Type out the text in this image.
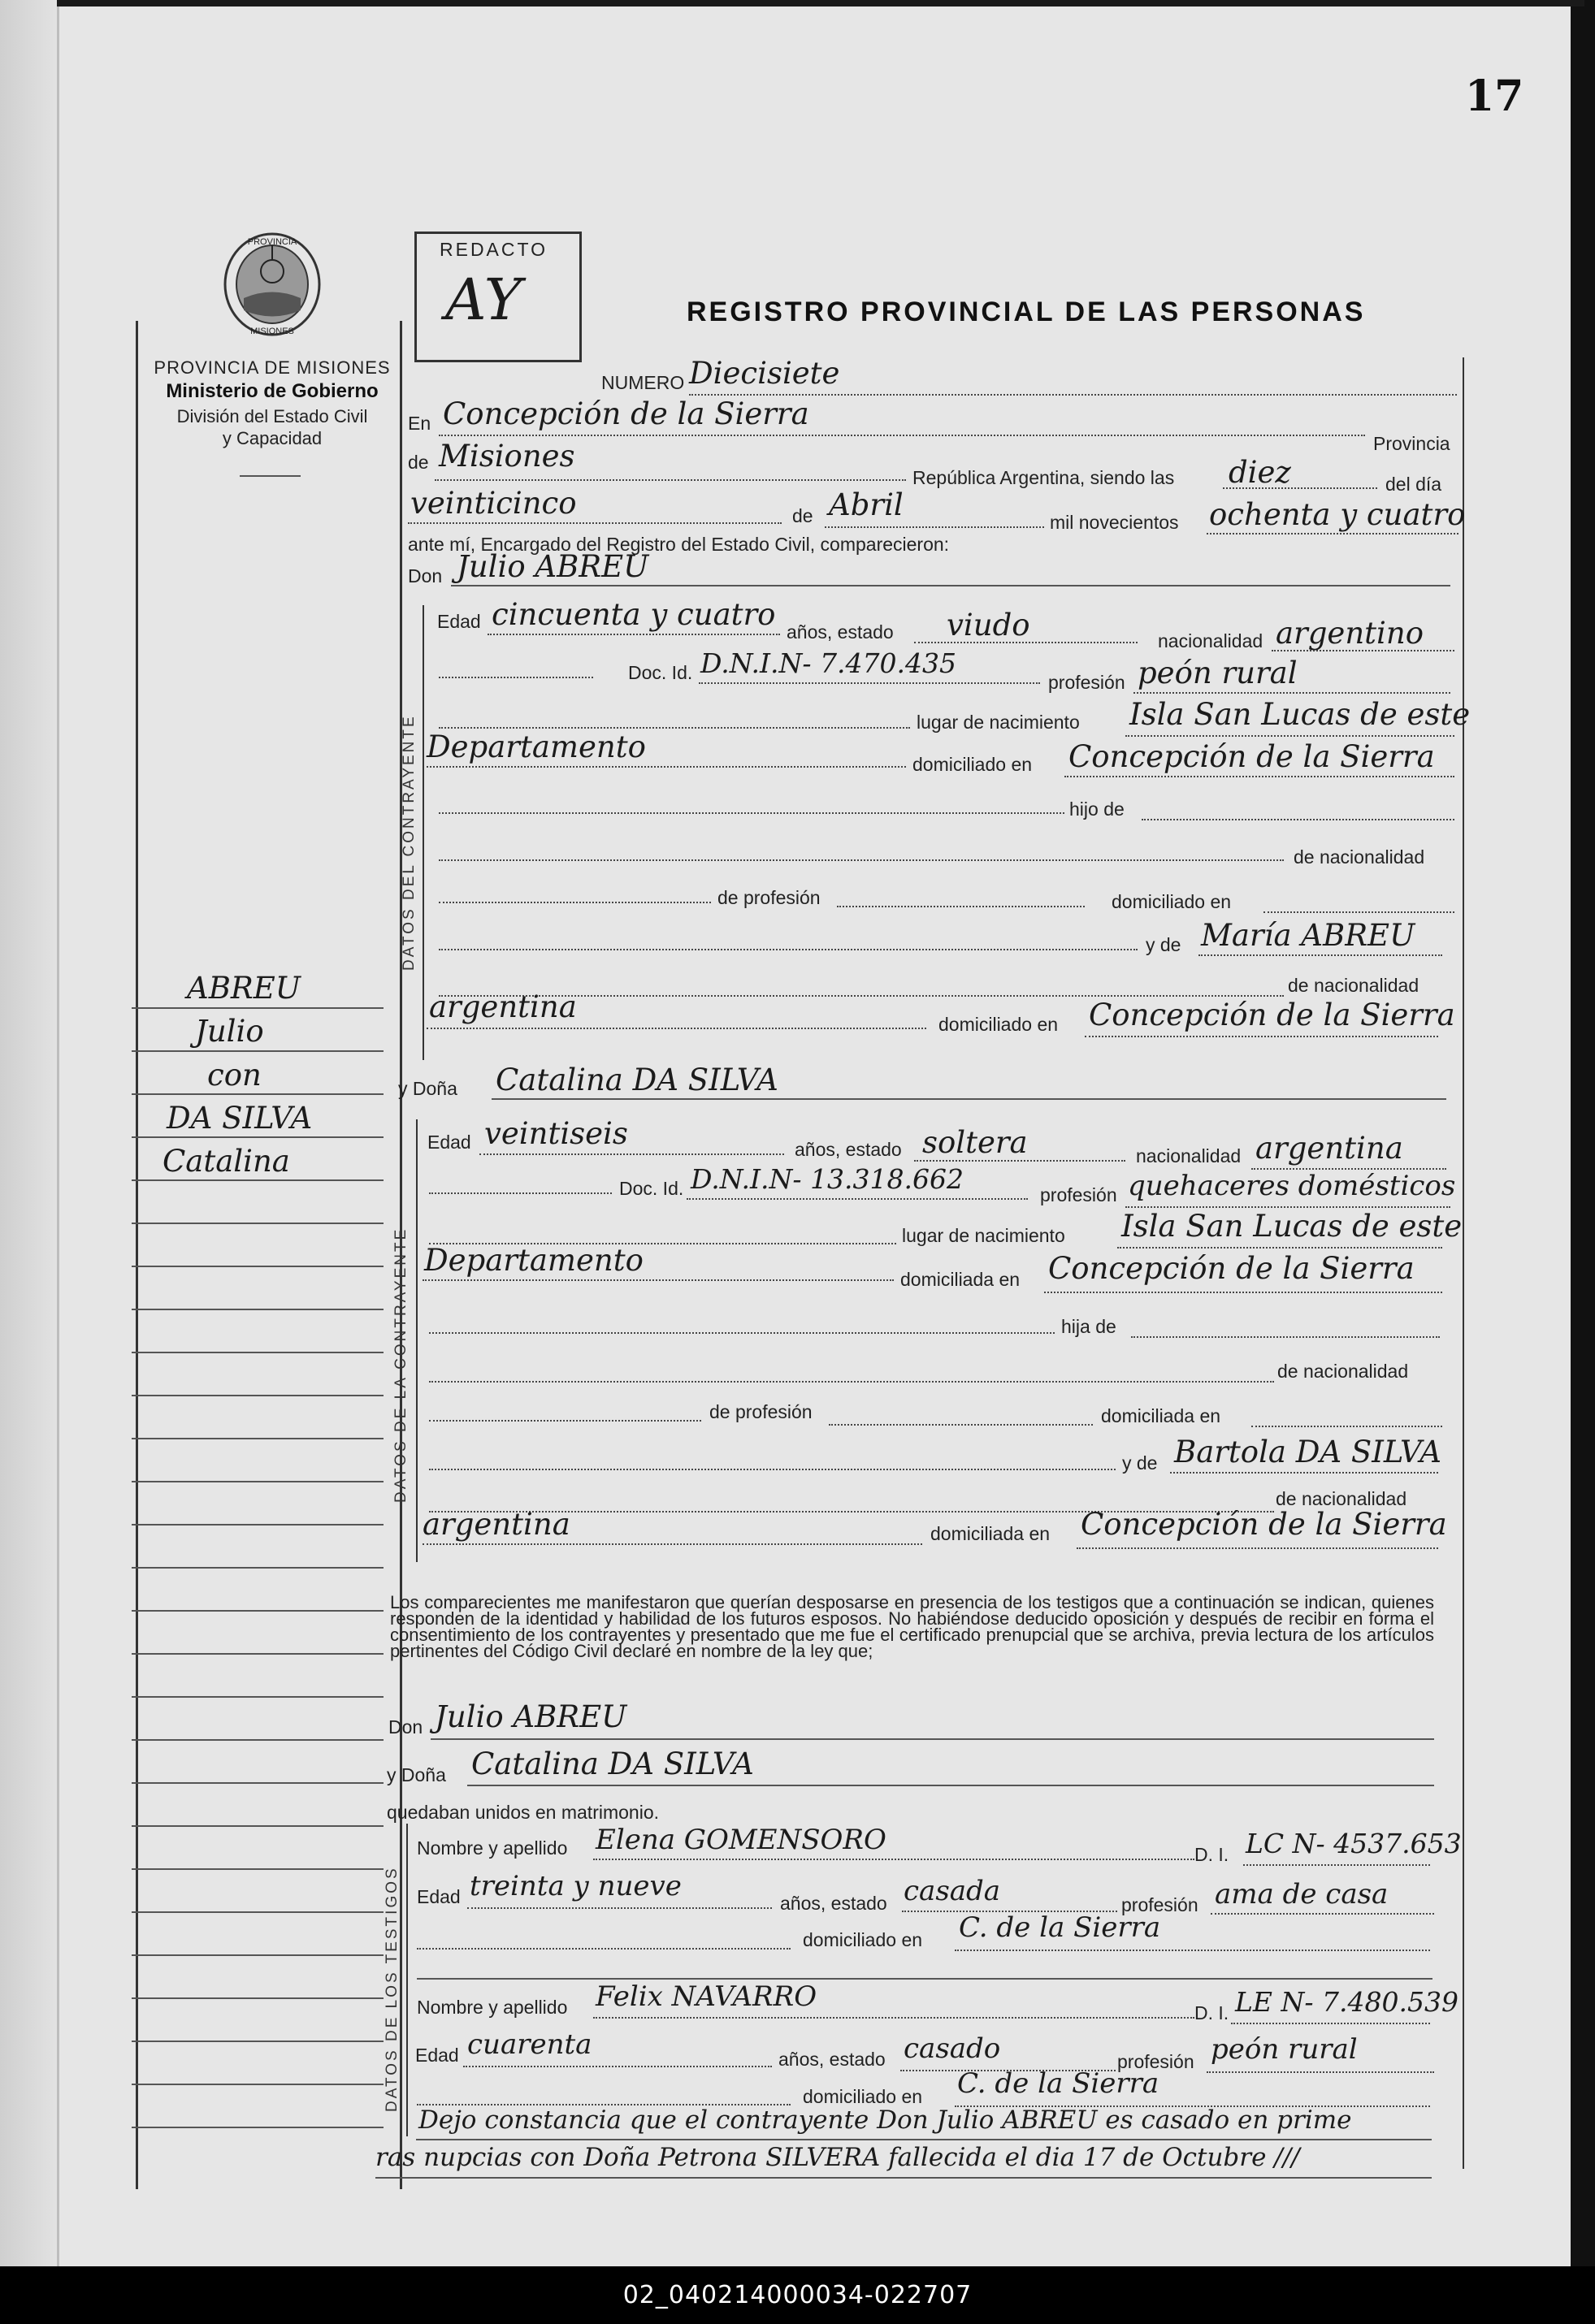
17
PROVINCIA
MISIONES
PROVINCIA DE MISIONES
Ministerio de Gobierno
División del Estado Civil
y Capacidad
REDACTO
AY	REGISTRO PROVINCIAL DE LAS PERSONAS
ABREU
Julio
con
DA SILVA
Catalina
NUMERO Diecisiete
En Concepción de la Sierra
Provincia
de Misiones
República Argentina, siendo las diez	del día
veinticinco	de Abril	mil novecientos ochenta y cuatro
ante mí, Encargado del Registro del Estado Civil, comparecieron:
Don Julio ABREU
DATOS DEL CONTRAYENTE
Edad cincuenta y cuatro años, estado viudo	nacionalidad argentino
Doc. Id. D.N.I.N- 7.470.435
profesión peón rural
lugar de nacimiento Isla San Lucas de este
Departamento	domiciliado en Concepción de la Sierra
hijo de
de nacionalidad
de profesión	domiciliado en
y de María ABREU
de nacionalidad
argentina	domiciliado en Concepción de la Sierra
y Doña Catalina DA SILVA
DATOS DE LA CONTRAYENTE
Edad veintiseis	años, estado soltera	nacionalidad argentina
Doc. Id. D.N.I.N- 13.318.662	profesión quehaceres domésticos
lugar de nacimiento Isla San Lucas de este
Departamento
domiciliada en Concepción de la Sierra
hija de
de nacionalidad
de profesión	domiciliada en
y de Bartola DA SILVA
de nacionalidad
argentina	domiciliada en Concepción de la Sierra
Los comparecientes me manifestaron que querían desposarse en presencia de los testigos que a continuación se indican, quienes responden de la identidad y habilidad de los futuros esposos. No habiéndose deducido oposición y después de recibir en forma el consentimiento de los contrayentes y presentado que me fue el certificado prenupcial que se archiva, previa lectura de los artículos pertinentes del Código Civil declaré en nombre de la ley que;
Don Julio ABREU
y Doña Catalina DA SILVA
quedaban unidos en matrimonio.
DATOS DE LOS TESTIGOS
Nombre y apellido Elena GOMENSORO	D. I. LC N- 4537.653
Edad treinta y nueve
años, estado casada	profesión ama de casa
domiciliado en C. de la Sierra
Nombre y apellido Felix NAVARRO	D. I. LE N- 7.480.539
Edad cuarenta	años, estado casado	profesión peón rural
domiciliado en C. de la Sierra
Dejo constancia que el contrayente Don Julio ABREU es casado en prime
ras nupcias con Doña Petrona SILVERA fallecida el dia 17 de Octubre ///
02_040214000034-022707
